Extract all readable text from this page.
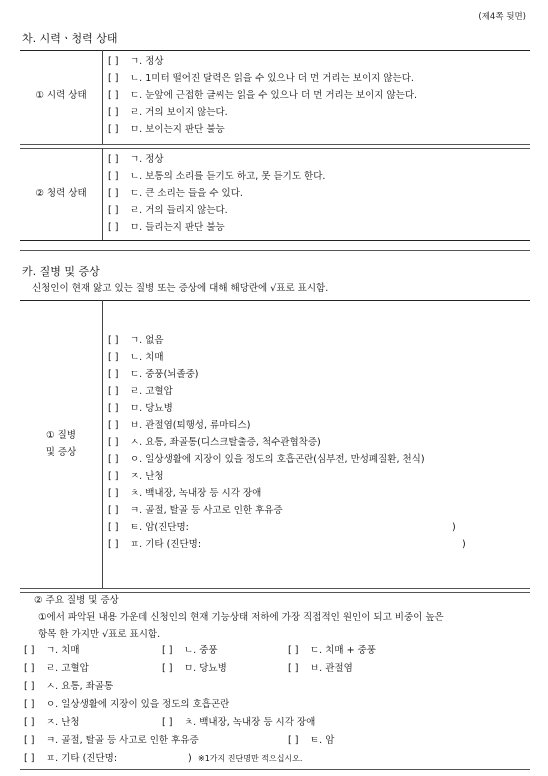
(제4쪽 뒷면)
차. 시력ㆍ청력 상태
① 시력 상태
[ ] ㄱ. 정상
[ ] ㄴ. 1미터 떨어진 달력은 읽을 수 있으나 더 먼 거리는 보이지 않는다.
[ ] ㄷ. 눈앞에 근접한 글씨는 읽을 수 있으나 더 먼 거리는 보이지 않는다.
[ ] ㄹ. 거의 보이지 않는다.
[ ] ㅁ. 보이는지 판단 불능
② 청력 상태
[ ] ㄱ. 정상
[ ] ㄴ. 보통의 소리를 듣기도 하고, 못 듣기도 한다.
[ ] ㄷ. 큰 소리는 들을 수 있다.
[ ] ㄹ. 거의 들리지 않는다.
[ ] ㅁ. 들리는지 판단 불능
카. 질병 및 증상
신청인이 현재 앓고 있는 질병 또는 증상에 대해 해당란에 √표로 표시함.
① 질병
및 증상
[ ] ㄱ. 없음
[ ] ㄴ. 치매
[ ] ㄷ. 중풍(뇌졸중)
[ ] ㄹ. 고혈압
[ ] ㅁ. 당뇨병
[ ] ㅂ. 관절염(퇴행성, 류마티스)
[ ] ㅅ. 요통, 좌골통(디스크탈출증, 척수관협착증)
[ ] ㅇ. 일상생활에 지장이 있을 정도의 호흡곤란(심부전, 만성폐질환, 천식)
[ ] ㅈ. 난청
[ ] ㅊ. 백내장, 녹내장 등 시각 장애
[ ] ㅋ. 골절, 탈골 등 사고로 인한 후유증
[ ] ㅌ. 암(진단명:	)
[ ] ㅍ. 기타 (진단명:	)
② 주요 질병 및 증상
①에서 파악된 내용 가운데 신청인의 현재 기능상태 저하에 가장 직접적인 원인이 되고 비중이 높은
항목 한 가지만 √표로 표시함.
[ ] ㄱ. 치매	[ ] ㄴ. 중풍	[ ] ㄷ. 치매 + 중풍
[ ] ㄹ. 고혈압	[ ] ㅁ. 당뇨병	[ ] ㅂ. 관절염
[ ] ㅅ. 요통, 좌골통
[ ] ㅇ. 일상생활에 지장이 있을 정도의 호흡곤란
[ ] ㅈ. 난청	[ ] ㅊ. 백내장, 녹내장 등 시각 장애
[ ] ㅋ. 골절, 탈골 등 사고로 인한 후유증	[ ] ㅌ. 암
[ ] ㅍ. 기타 (진단명:	) ※1가지 진단명만 적으십시오.
